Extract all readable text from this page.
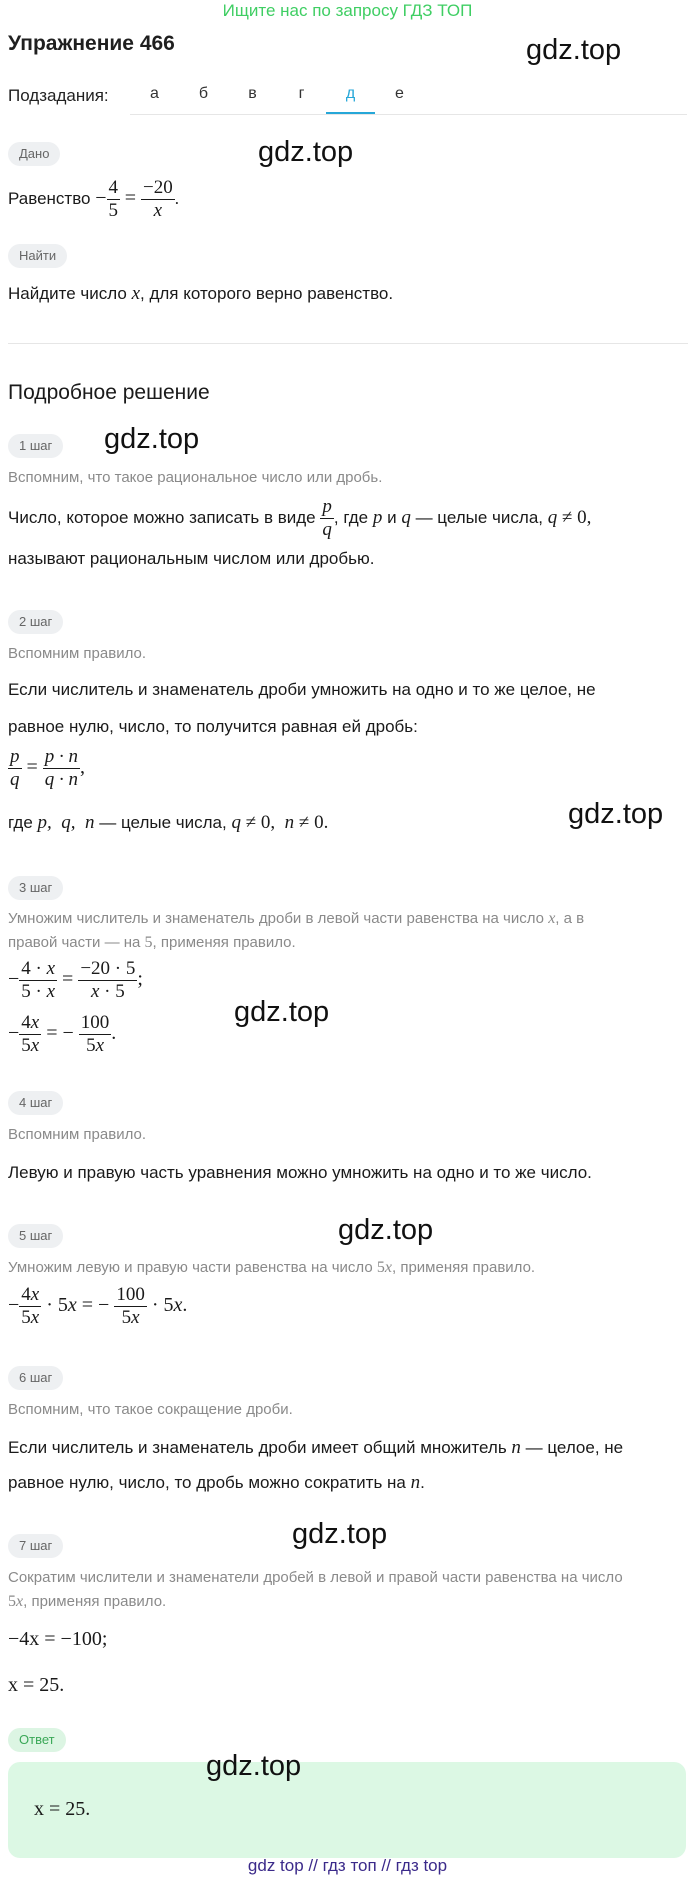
Ищите нас по запросу ГДЗ ТОП
Упражнение 466	gdz.top
Подзадания:	а	б	в	г	д	е
Дано	gdz.top
Равенство − $\frac{4}{5} = \frac{-20}{x}$ .
Найти
Найдите число x, для которого верно равенство.
Подробное решение
1 шаг	gdz.top
Вспомним, что такое рациональное число или дробь.
Число, которое можно записать в виде $\frac{p}{q}$ , где p и q — целые числа, q ≠ 0,
называют рациональным числом или дробью.
2 шаг
Вспомним правило.
Если числитель и знаменатель дроби умножить на одно и то же целое, не
равное нулю, число, то получится равная ей дробь:
$\frac{p}{q} = \frac{p \cdot n}{q \cdot n}$ ,
где p,  q,  n — целые числа, q ≠ 0,  n ≠ 0.	gdz.top
3 шаг
Умножим числитель и знаменатель дроби в левой части равенства на число x, а в
правой части — на 5, применяя правило.
− $\frac{4 \cdot x}{5 \cdot x} = \frac{-20 \cdot 5}{x \cdot 5}$ ;
− $\frac{4x}{5x}$ = − $\frac{100}{5x}$ .
gdz.top
4 шаг
Вспомним правило.
Левую и правую часть уравнения можно умножить на одно и то же число.
gdz.top
5 шаг
Умножим левую и правую части равенства на число 5x, применяя правило.
− $\frac{4x}{5x} \cdot 5x$ = − $\frac{100}{5x} \cdot 5x$.
6 шаг
Вспомним, что такое сокращение дроби.
Если числитель и знаменатель дроби имеет общий множитель n — целое, не
равное нулю, число, то дробь можно сократить на n.
gdz.top
7 шаг
Сократим числители и знаменатели дробей в левой и правой части равенства на число
5x, применяя правило.
−4x = −100;
x = 25.
Ответ
gdz.top
x = 25.
gdz top // гдз топ // гдз top
